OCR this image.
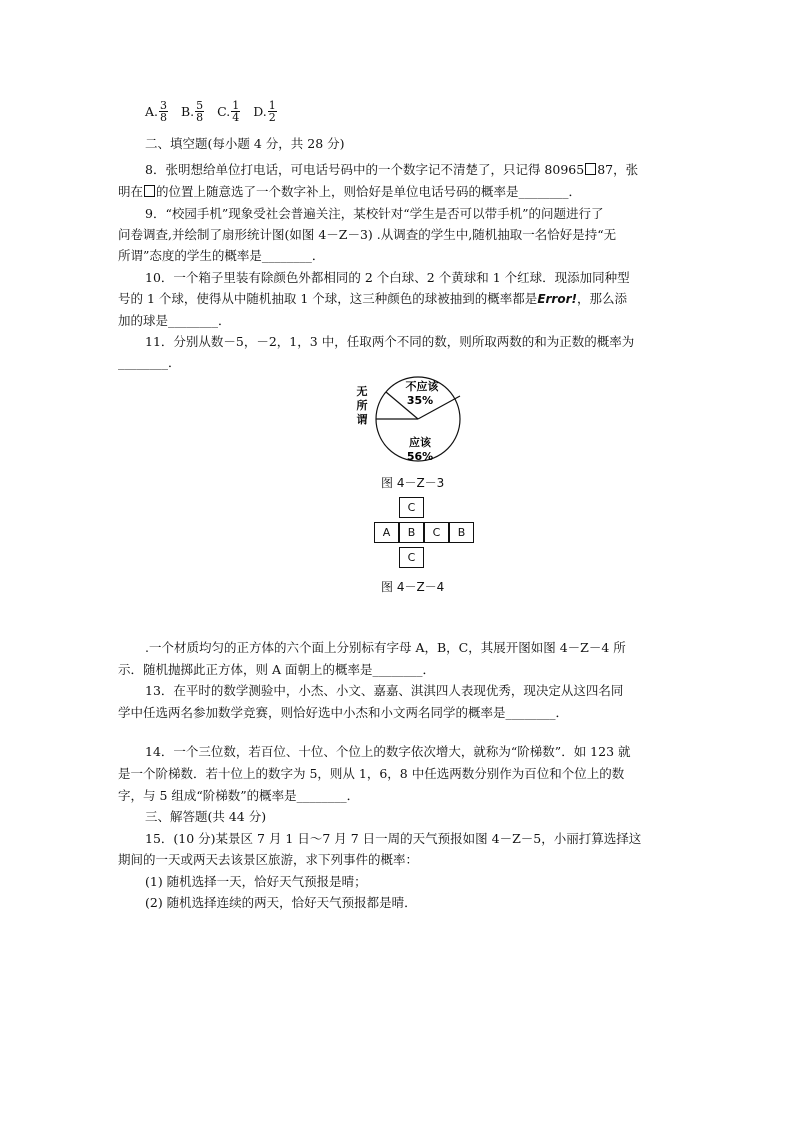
A. $\frac{3}{8} B$. $\frac{5}{8} C$. $\frac{1}{4} D$. $\frac{1}{2}$
二、填空题(每小题 4 分，共 28 分)
8．张明想给单位打电话，可电话号码中的一个数字记不清楚了，只记得 80965 87，张
明在 的位置上随意选了一个数字补上，则恰好是单位电话号码的概率是________．
9．“校园手机”现象受社会普遍关注，某校针对“学生是否可以带手机”的问题进行了
问卷调查,并绘制了扇形统计图(如图 4－Z－3) .从调查的学生中,随机抽取一名恰好是持“无
所谓”态度的学生的概率是________．
10．一个箱子里装有除颜色外都相同的 2 个白球、2 个黄球和 1 个红球．现添加同种型
号的 1 个球，使得从中随机抽取 1 个球，这三种颜色的球被抽到的概率都是Error!，那么添
加的球是________．
11．分别从数－5，－2，1，3 中，任取两个不同的数，则所取两数的和为正数的概率为
________．
不应该
35%
应该
56%
无
所
谓
图 4－Z－3
C
A	B	C	B
C
图 4－Z－4
.一个材质均匀的正方体的六个面上分别标有字母 A，B，C，其展开图如图 4－Z－4 所
示．随机抛掷此正方体，则 A 面朝上的概率是________．
13．在平时的数学测验中，小杰、小文、嘉嘉、淇淇四人表现优秀，现决定从这四名同
学中任选两名参加数学竞赛，则恰好选中小杰和小文两名同学的概率是________．
14．一个三位数，若百位、十位、个位上的数字依次增大，就称为“阶梯数”．如 123 就
是一个阶梯数．若十位上的数字为 5，则从 1，6，8 中任选两数分别作为百位和个位上的数
字，与 5 组成“阶梯数”的概率是________．
三、解答题(共 44 分)
15．(10 分)某景区 7 月 1 日～7 月 7 日一周的天气预报如图 4－Z－5，小丽打算选择这
期间的一天或两天去该景区旅游，求下列事件的概率：
(1) 随机选择一天，恰好天气预报是晴；
(2) 随机选择连续的两天，恰好天气预报都是晴．
